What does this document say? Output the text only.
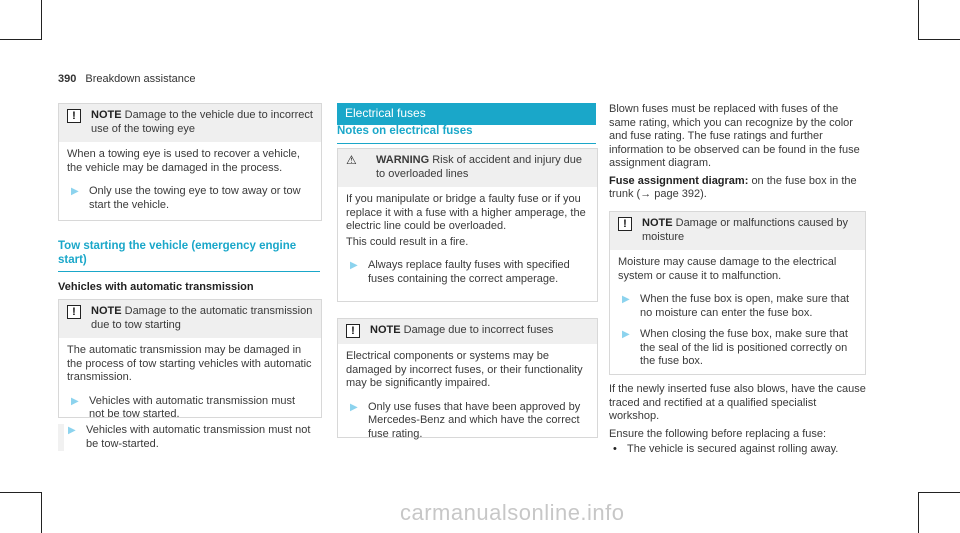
390 Breakdown assistance
!	NOTE Damage to the vehicle due to incorrect use of the towing eye

When a towing eye is used to recover a vehicle, the vehicle may be damaged in the process.

▶ Only use the towing eye to tow away or tow start the vehicle.
Tow starting the vehicle (emergency engine start)
Vehicles with automatic transmission
!	NOTE Damage to the automatic transmission due to tow starting

The automatic transmission may be damaged in the process of tow starting vehicles with automatic transmission.

▶ Vehicles with automatic transmission must not be tow started.
▶ Vehicles with automatic transmission must not be tow-started.
Electrical fuses
Notes on electrical fuses
⚠	WARNING Risk of accident and injury due to overloaded lines

If you manipulate or bridge a faulty fuse or if you replace it with a fuse with a higher amperage, the electric line could be overloaded.

This could result in a fire.

▶ Always replace faulty fuses with specified fuses containing the correct amperage.
!	NOTE Damage due to incorrect fuses

Electrical components or systems may be damaged by incorrect fuses, or their functionality may be significantly impaired.

▶ Only use fuses that have been approved by Mercedes-Benz and which have the correct fuse rating.

Blown fuses must be replaced with fuses of the same rating, which you can recognize by the color and fuse rating. The fuse ratings and further information to be observed can be found in the fuse assignment diagram.

Fuse assignment diagram: on the fuse box in the trunk (→ page 392).

!	NOTE Damage or malfunctions caused by moisture

Moisture may cause damage to the electrical system or cause it to malfunction.

▶ When the fuse box is open, make sure that no moisture can enter the fuse box.
▶ When closing the fuse box, make sure that the seal of the lid is positioned correctly on the fuse box.

If the newly inserted fuse also blows, have the cause traced and rectified at a qualified specialist workshop.

Ensure the following before replacing a fuse:

• The vehicle is secured against rolling away.
carmanualsonline.info
